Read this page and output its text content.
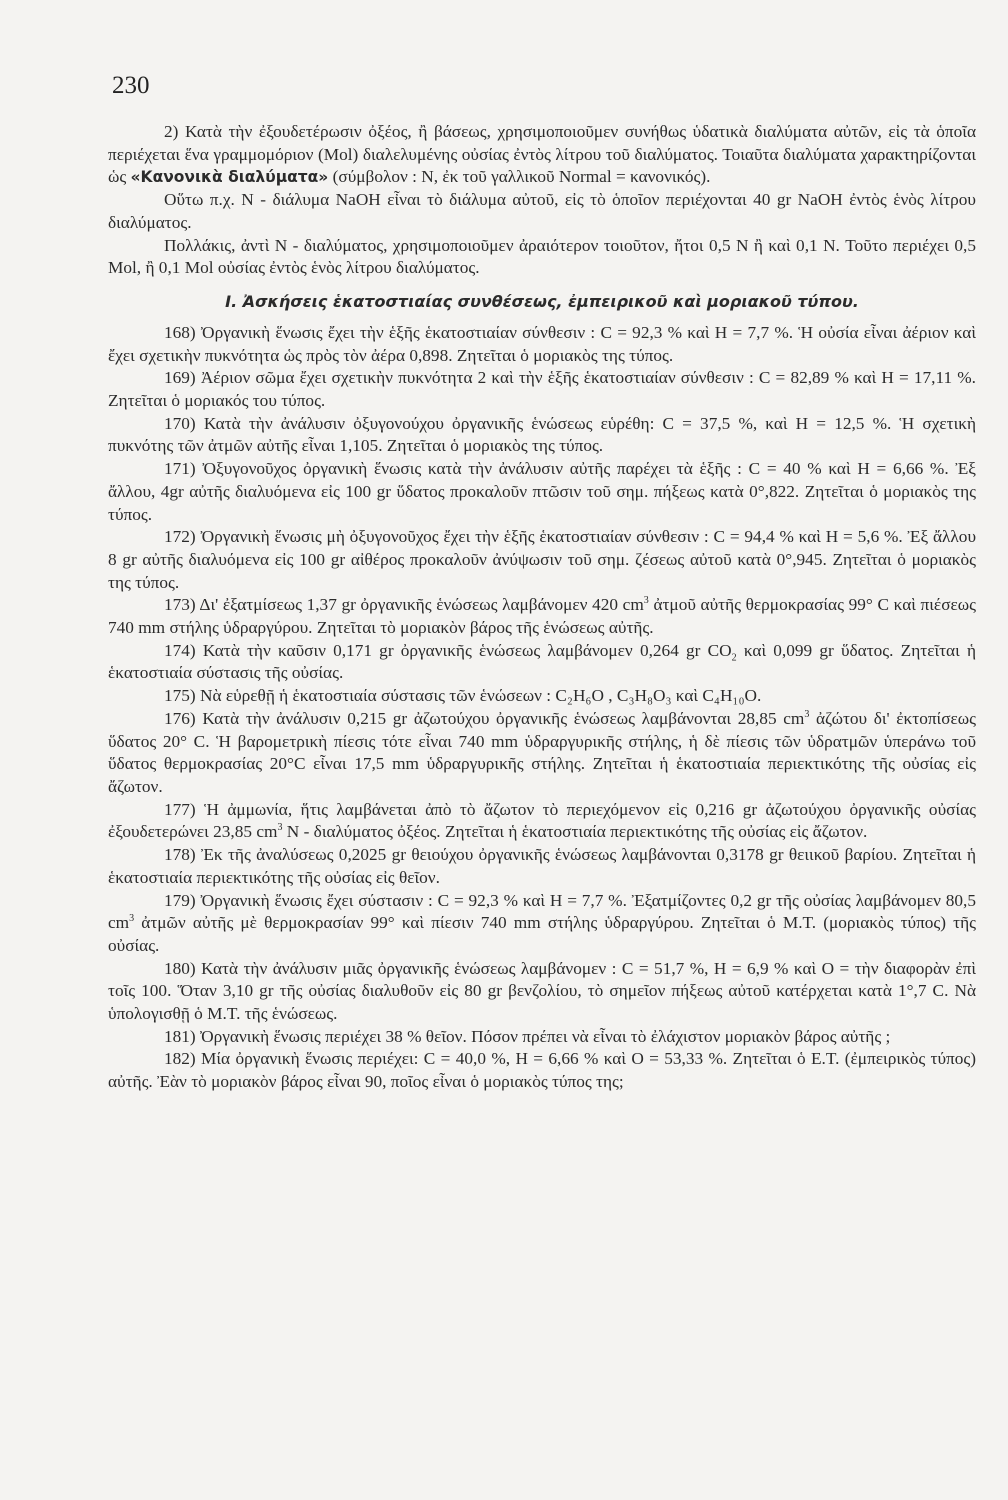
230

2) Κατὰ τὴν ἐξουδετέρωσιν ὀξέος, ἢ βάσεως, χρησιμοποιοῦμεν συνήθως ὑδατικὰ διαλύματα αὐτῶν, εἰς τὰ ὁποῖα περιέχεται ἕνα γραμμομόριον (Mol) διαλελυμένης οὐσίας ἐντὸς λίτρου τοῦ διαλύματος. Τοιαῦτα διαλύματα χαρακτηρίζονται ὡς «Κανονικὰ διαλύματα» (σύμβολον : N, ἐκ τοῦ γαλλικοῦ Normal = κανονικός).

Οὕτω π.χ. N - διάλυμα NaOH εἶναι τὸ διάλυμα αὐτοῦ, εἰς τὸ ὁποῖον περιέχονται 40 gr NaOH ἐντὸς ἑνὸς λίτρου διαλύματος.

Πολλάκις, ἀντὶ N - διαλύματος, χρησιμοποιοῦμεν ἀραιότερον τοιοῦτον, ἤτοι 0,5 N ἢ καὶ 0,1 N. Τοῦτο περιέχει 0,5 Mol, ἢ 0,1 Mol οὐσίας ἐντὸς ἑνὸς λίτρου διαλύματος.

I. Ἀσκήσεις ἑκατοστιαίας συνθέσεως, ἐμπειρικοῦ καὶ μοριακοῦ τύπου.

168) Ὀργανικὴ ἕνωσις ἔχει τὴν ἑξῆς ἑκατοστιαίαν σύνθεσιν : C = 92,3 % καὶ H = 7,7 %. Ἡ οὐσία εἶναι ἀέριον καὶ ἔχει σχετικὴν πυκνότητα ὡς πρὸς τὸν ἀέρα 0,898. Ζητεῖται ὁ μοριακὸς της τύπος.

169) Ἀέριον σῶμα ἔχει σχετικὴν πυκνότητα 2 καὶ τὴν ἑξῆς ἑκατοστιαίαν σύνθεσιν : C = 82,89 % καὶ H = 17,11 %. Ζητεῖται ὁ μοριακός του τύπος.

170) Κατὰ τὴν ἀνάλυσιν ὀξυγονούχου ὀργανικῆς ἑνώσεως εὑρέθη: C = 37,5 %, καὶ H = 12,5 %. Ἡ σχετικὴ πυκνότης τῶν ἀτμῶν αὐτῆς εἶναι 1,105. Ζητεῖται ὁ μοριακὸς της τύπος.

171) Ὀξυγονοῦχος ὀργανικὴ ἕνωσις κατὰ τὴν ἀνάλυσιν αὐτῆς παρέχει τὰ ἑξῆς : C = 40 % καὶ H = 6,66 %. Ἐξ ἄλλου, 4gr αὐτῆς διαλυόμενα εἰς 100 gr ὕδατος προκαλοῦν πτῶσιν τοῦ σημ. πήξεως κατὰ 0°,822. Ζητεῖται ὁ μοριακὸς της τύπος.

172) Ὀργανικὴ ἕνωσις μὴ ὀξυγονοῦχος ἔχει τὴν ἑξῆς ἑκατοστιαίαν σύνθεσιν : C = 94,4 % καὶ H = 5,6 %. Ἐξ ἄλλου 8 gr αὐτῆς διαλυόμενα εἰς 100 gr αἰθέρος προκαλοῦν ἀνύψωσιν τοῦ σημ. ζέσεως αὐτοῦ κατὰ 0°,945. Ζητεῖται ὁ μοριακὸς της τύπος.

173) Δι' ἐξατμίσεως 1,37 gr ὀργανικῆς ἑνώσεως λαμβάνομεν 420 $cm^3$ ἀτμοῦ αὐτῆς θερμοκρασίας 99° C καὶ πιέσεως 740 mm στήλης ὑδραργύρου. Ζητεῖται τὸ μοριακὸν βάρος τῆς ἑνώσεως αὐτῆς.

174) Κατὰ τὴν καῦσιν 0,171 gr ὀργανικῆς ἑνώσεως λαμβάνομεν 0,264 gr $CO_2$ καὶ 0,099 gr ὕδατος. Ζητεῖται ἡ ἑκατοστιαία σύστασις τῆς οὐσίας.

175) Νὰ εὑρεθῇ ἡ ἑκατοστιαία σύστασις τῶν ἑνώσεων : C₂H₆O , C₃H₈O₃ καὶ C₄H₁₀O.

176) Κατὰ τὴν ἀνάλυσιν 0,215 gr ἀζωτούχου ὀργανικῆς ἑνώσεως λαμβάνονται 28,85 $cm^3$ ἀζώτου δι' ἐκτοπίσεως ὕδατος 20° C. Ἡ βαρομετρικὴ πίεσις τότε εἶναι 740 mm ὑδραργυρικῆς στήλης, ἡ δὲ πίεσις τῶν ὑδρατμῶν ὑπεράνω τοῦ ὕδατος θερμοκρασίας 20°C εἶναι 17,5 mm ὑδραργυρικῆς στήλης. Ζητεῖται ἡ ἑκατοστιαία περιεκτικότης τῆς οὐσίας εἰς ἄζωτον.

177) Ἡ ἀμμωνία, ἥτις λαμβάνεται ἀπὸ τὸ ἄζωτον τὸ περιεχόμενον εἰς 0,216 gr ἀζωτούχου ὀργανικῆς οὐσίας ἐξουδετερώνει 23,85 $cm^3$ N - διαλύματος ὀξέος. Ζητεῖται ἡ ἑκατοστιαία περιεκτικότης τῆς οὐσίας εἰς ἄζωτον.

178) Ἐκ τῆς ἀναλύσεως 0,2025 gr θειούχου ὀργανικῆς ἑνώσεως λαμβάνονται 0,3178 gr θειικοῦ βαρίου. Ζητεῖται ἡ ἑκατοστιαία περιεκτικότης τῆς οὐσίας εἰς θεῖον.

179) Ὀργανικὴ ἕνωσις ἔχει σύστασιν : C = 92,3 % καὶ H = 7,7 %. Ἐξατμίζοντες 0,2 gr τῆς οὐσίας λαμβάνομεν 80,5 $cm^3$ ἀτμῶν αὐτῆς μὲ θερμοκρασίαν 99° καὶ πίεσιν 740 mm στήλης ὑδραργύρου. Ζητεῖται ὁ Μ.Τ. (μοριακὸς τύπος) τῆς οὐσίας.

180) Κατὰ τὴν ἀνάλυσιν μιᾶς ὀργανικῆς ἑνώσεως λαμβάνομεν : C = 51,7 %, H = 6,9 % καὶ O = τὴν διαφορὰν ἐπὶ τοῖς 100. Ὅταν 3,10 gr τῆς οὐσίας διαλυθοῦν εἰς 80 gr βενζολίου, τὸ σημεῖον πήξεως αὐτοῦ κατέρχεται κατὰ 1°,7 C. Νὰ ὑπολογισθῇ ὁ Μ.Τ. τῆς ἑνώσεως.

181) Ὀργανικὴ ἕνωσις περιέχει 38 % θεῖον. Πόσον πρέπει νὰ εἶναι τὸ ἐλάχιστον μοριακὸν βάρος αὐτῆς ;

182) Μία ὀργανικὴ ἕνωσις περιέχει: C = 40,0 %, H = 6,66 % καὶ O = 53,33 %. Ζητεῖται ὁ Ε.Τ. (ἐμπειρικὸς τύπος) αὐτῆς. Ἐὰν τὸ μοριακὸν βάρος εἶναι 90, ποῖος εἶναι ὁ μοριακὸς τύπος της;
